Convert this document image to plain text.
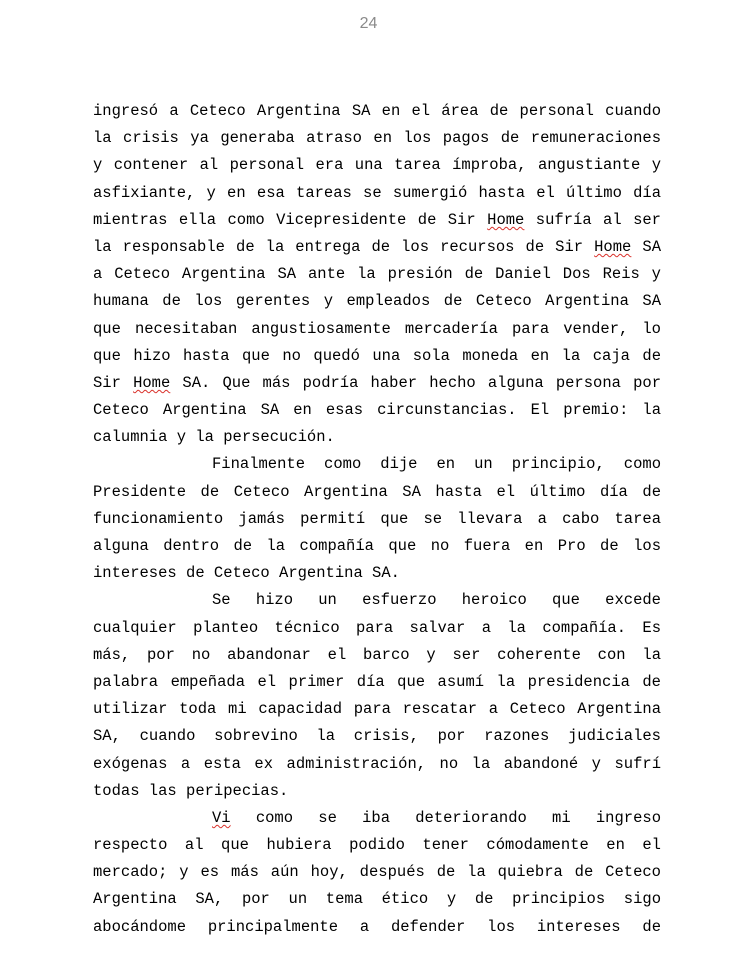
24
ingresó a Ceteco Argentina SA en el área de personal cuando
la crisis ya generaba atraso en los pagos de remuneraciones
y contener al personal era una tarea ímproba, angustiante y
asfixiante, y en esa tareas se sumergió hasta el último día
mientras ella como Vicepresidente de Sir Home sufría al ser
la responsable de la entrega de los recursos de Sir Home SA
a Ceteco Argentina SA ante la presión de Daniel Dos Reis y
humana de los gerentes y empleados de Ceteco Argentina SA
que necesitaban angustiosamente mercadería para vender, lo
que hizo hasta que no quedó una sola moneda en la caja de
Sir Home SA. Que más podría haber hecho alguna persona por
Ceteco Argentina SA en esas circunstancias. El premio: la
calumnia y la persecución.
Finalmente como dije en un principio, como
Presidente de Ceteco Argentina SA hasta el último día de
funcionamiento jamás permití que se llevara a cabo tarea
alguna dentro de la compañía que no fuera en Pro de los
intereses de Ceteco Argentina SA.
Se hizo un esfuerzo heroico que excede
cualquier planteo técnico para salvar a la compañía. Es
más, por no abandonar el barco y ser coherente con la
palabra empeñada el primer día que asumí la presidencia de
utilizar toda mi capacidad para rescatar a Ceteco Argentina
SA, cuando sobrevino la crisis, por razones judiciales
exógenas a esta ex administración, no la abandoné y sufrí
todas las peripecias.
Vi como se iba deteriorando mi ingreso
respecto al que hubiera podido tener cómodamente en el
mercado; y es más aún hoy, después de la quiebra de Ceteco
Argentina SA, por un tema ético y de principios sigo
abocándome principalmente a defender los intereses de
